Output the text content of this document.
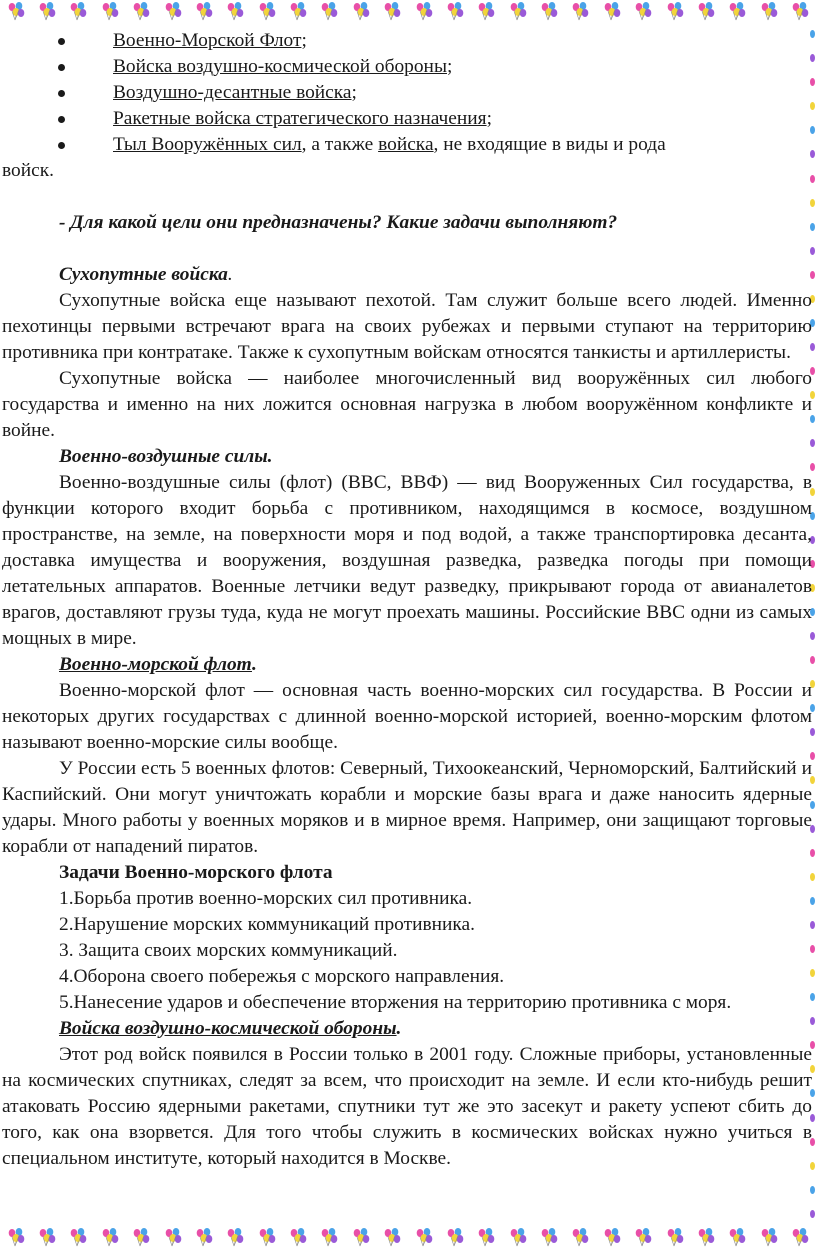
Военно-Морской Флот;

Войска воздушно-космической обороны;

Воздушно-десантные войска;

Ракетные войска стратегического назначения;

Тыл Вооружённых сил, а также войска, не входящие в виды и рода

войск.

- Для какой цели они предназначены? Какие задачи выполняют?

Сухопутные войска.

Сухопутные войска еще называют пехотой. Там служит больше всего людей. Именно пехотинцы первыми встречают врага на своих рубежах и первыми ступают на территорию противника при контратаке. Также к сухопутным войскам относятся танкисты и артиллеристы.

Сухопутные войска — наиболее многочисленный вид вооружённых сил любого государства и именно на них ложится основная нагрузка в любом вооружённом конфликте и войне.

Военно-воздушные силы.

Военно-воздушные силы (флот) (ВВС, ВВФ) — вид Вооруженных Сил государства, в функции которого входит борьба с противником, находящимся в космосе, воздушном пространстве, на земле, на поверхности моря и под водой, а также транспортировка десанта, доставка имущества и вооружения, воздушная разведка, разведка погоды при помощи летательных аппаратов. Военные летчики ведут разведку, прикрывают города от авианалетов врагов, доставляют грузы туда, куда не могут проехать машины. Российские ВВС одни из самых мощных в мире.

Военно-морской флот.

Военно-морской флот — основная часть военно-морских сил государства. В России и некоторых других государствах с длинной военно-морской историей, военно-морским флотом называют военно-морские силы вообще.

У России есть 5 военных флотов: Северный, Тихоокеанский, Черноморский, Балтийский и Каспийский. Они могут уничтожать корабли и морские базы врага и даже наносить ядерные удары. Много работы у военных моряков и в мирное время. Например, они защищают торговые корабли от нападений пиратов.

Задачи Военно-морского флота

1.Борьба против военно-морских сил противника.

2.Нарушение морских коммуникаций противника.

3. Защита своих морских коммуникаций.

4.Оборона своего побережья с морского направления.

5.Нанесение ударов и обеспечение вторжения на территорию противника с моря.

Войска воздушно-космической обороны.

Этот род войск появился в России только в 2001 году. Сложные приборы, установленные на космических спутниках, следят за всем, что происходит на земле. И если кто-нибудь решит атаковать Россию ядерными ракетами, спутники тут же это засекут и ракету успеют сбить до того, как она взорвется. Для того чтобы служить в космических войсках нужно учиться в специальном институте, который находится в Москве.
